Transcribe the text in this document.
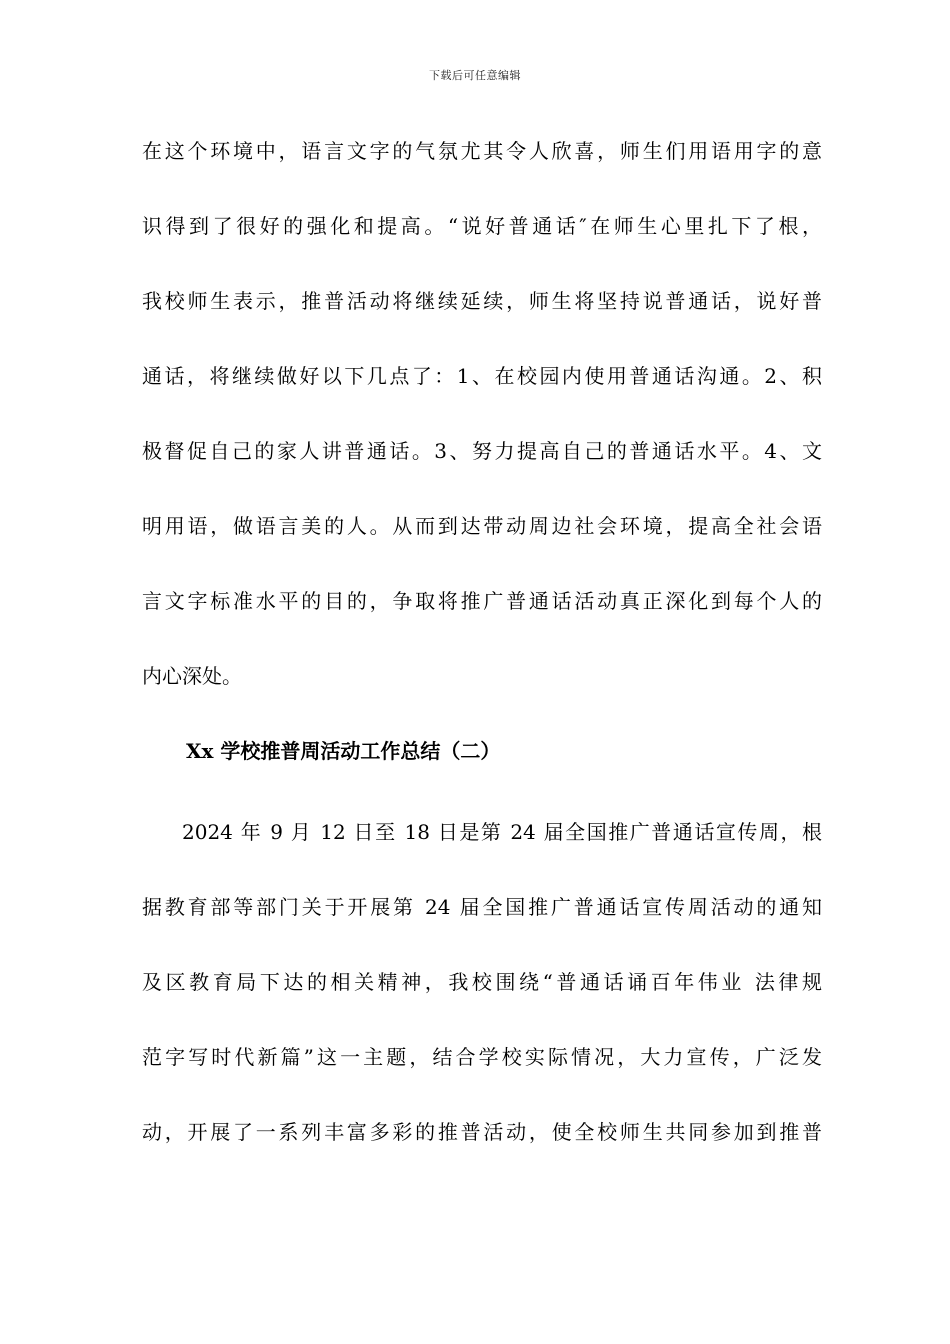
下载后可任意编辑
在这个环境中，语言文字的气氛尤其令人欣喜，师生们用语用字的意
识得到了很好的强化和提高。“说好普通话″在师生心里扎下了根，
我校师生表示，推普活动将继续延续，师生将坚持说普通话，说好普
通话，将继续做好以下几点了：1、在校园内使用普通话沟通。2、积
极督促自己的家人讲普通话。3、努力提高自己的普通话水平。4、文
明用语，做语言美的人。从而到达带动周边社会环境，提高全社会语
言文字标准水平的目的，争取将推广普通话活动真正深化到每个人的
内心深处。
Xx 学校推普周活动工作总结（二）
2024 年 9 月 12 日至 18 日是第 24 届全国推广普通话宣传周，根
据教育部等部门关于开展第 24 届全国推广普通话宣传周活动的通知
及区教育局下达的相关精神，我校围绕“普通话诵百年伟业 法律规
范字写时代新篇”这一主题，结合学校实际情况，大力宣传，广泛发
动，开展了一系列丰富多彩的推普活动，使全校师生共同参加到推普
